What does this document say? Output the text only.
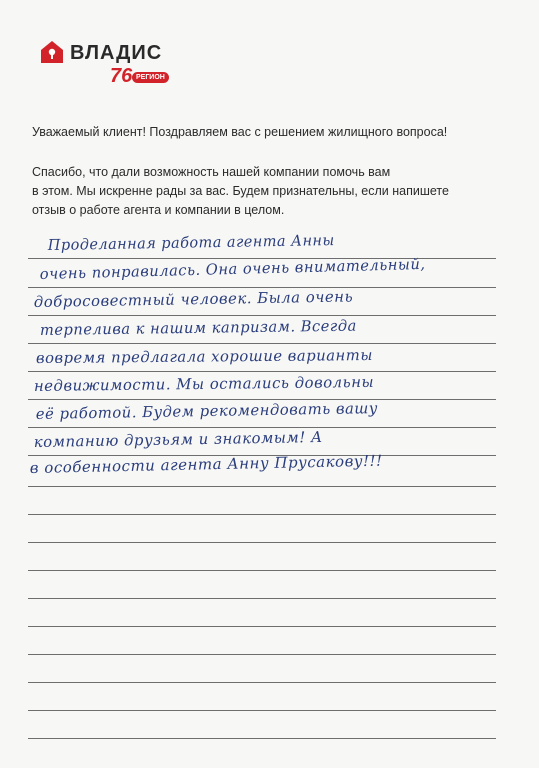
ВЛАДИС
76 РЕГИОН
Уважаемый клиент! Поздравляем вас с решением жилищного вопроса!
Спасибо, что дали возможность нашей компании помочь вам
в этом. Мы искренне рады за вас. Будем признательны, если напишете
отзыв о работе агента и компании в целом.
Проделанная работа агента Анны
очень понравилась. Она очень внимательный,
добросовестный человек. Была очень
терпелива к нашим капризам. Всегда
вовремя предлагала хорошие варианты
недвижимости. Мы остались довольны
её работой. Будем рекомендовать вашу
компанию друзьям и знакомым! А
в особенности агента Анну Прусакову!!!
